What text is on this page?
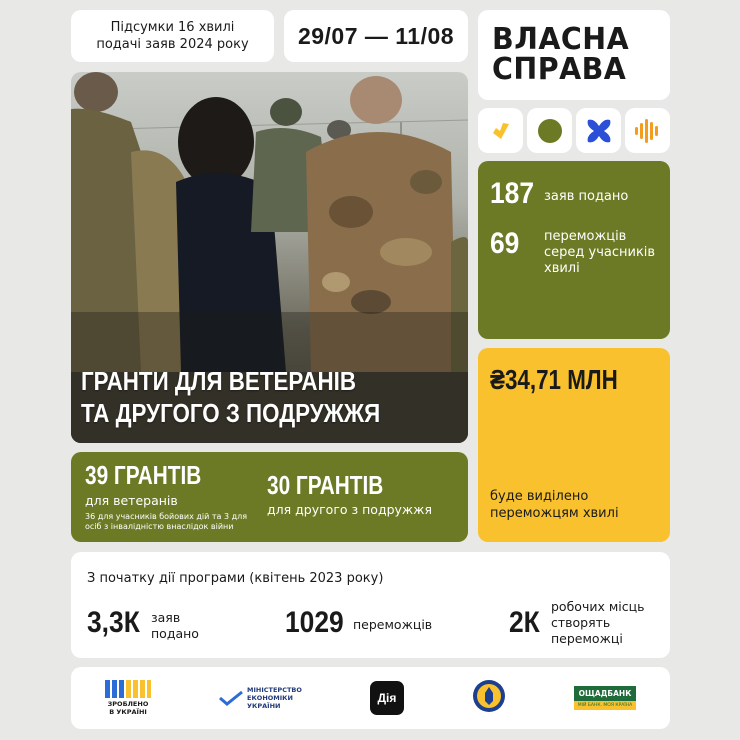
Підсумки 16 хвилі
подачі заяв 2024 року 29/07 — 11/08 ВЛАСНА
СПРАВА
ГРАНТИ ДЛЯ ВЕТЕРАНІВ
ТА ДРУГОГО З ПОДРУЖЖЯ
187 заяв подано
69 переможців серед учасників хвилі
₴34,71 МЛН
буде виділено
переможцям хвилі
39 ГРАНТІВ
для ветеранів
36 для учасників бойових дій та 3 для
осіб з інвалідністю внаслідок війни
30 ГРАНТІВ
для другого з подружжя
З початку дії програми (квітень 2023 року)
3,3К заяв
подано	1029 переможців	2К робочих місць
створять
переможці
ЗРОБЛЕНО
В УКРАЇНІ
МІНІСТЕРСТВО
ЕКОНОМІКИ
УКРАЇНИ
Дія	ОЩАДБАНК
МІЙ БАНК. МОЯ КРАЇНА
